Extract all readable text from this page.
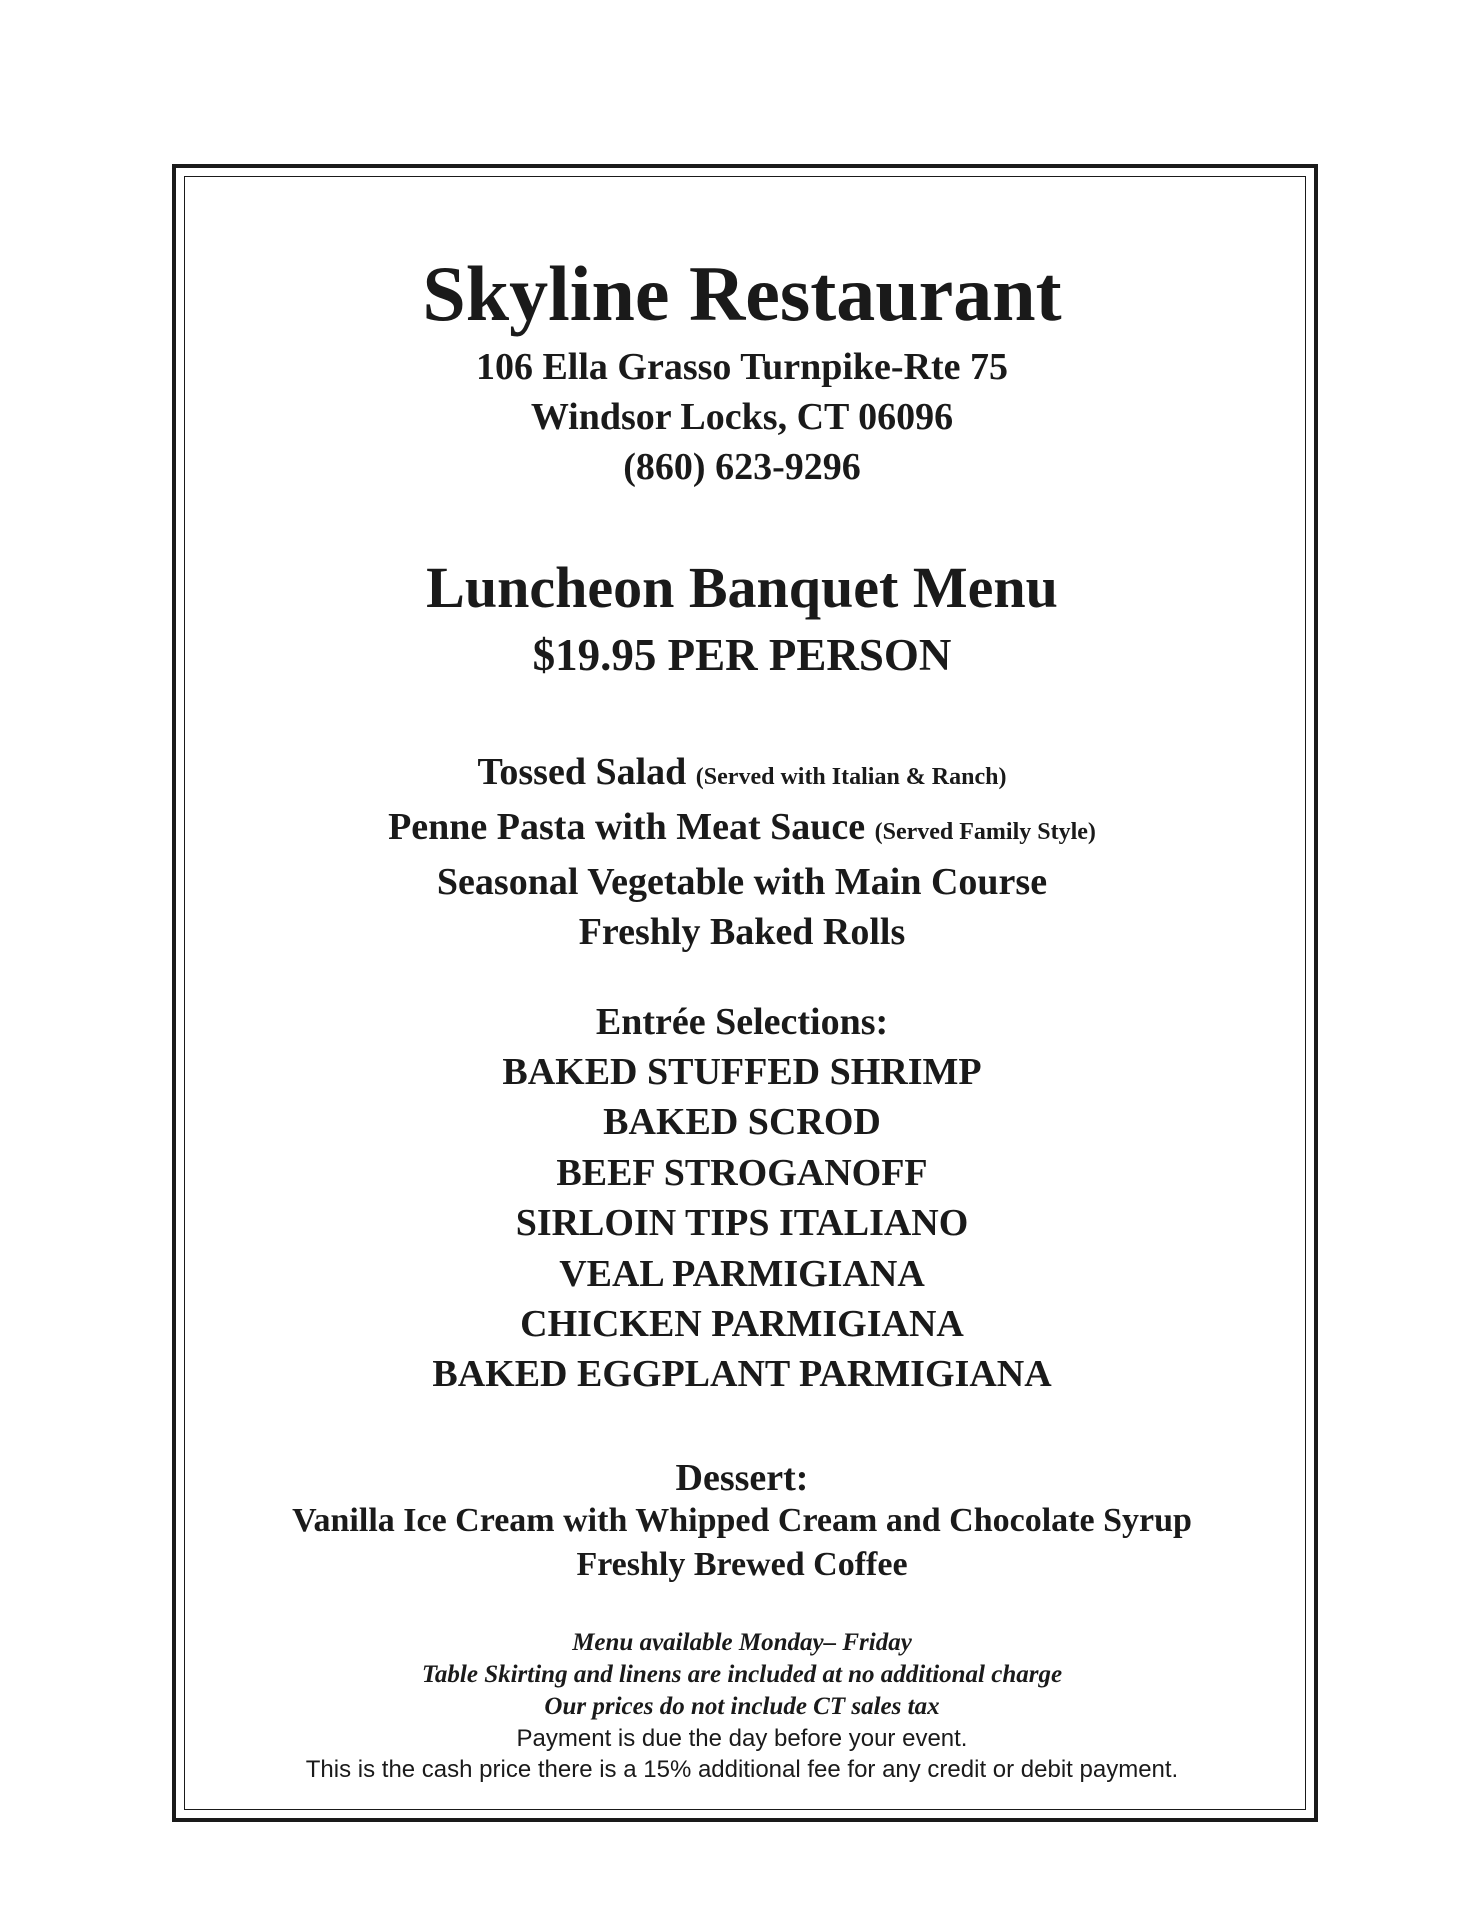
Skyline Restaurant
106 Ella Grasso Turnpike-Rte 75
Windsor Locks, CT 06096
(860) 623-9296
Luncheon Banquet Menu
$19.95 PER PERSON
Tossed Salad (Served with Italian & Ranch)
Penne Pasta with Meat Sauce (Served Family Style)
Seasonal Vegetable with Main Course
Freshly Baked Rolls
Entrée Selections:
BAKED STUFFED SHRIMP
BAKED SCROD
BEEF STROGANOFF
SIRLOIN TIPS ITALIANO
VEAL PARMIGIANA
CHICKEN PARMIGIANA
BAKED EGGPLANT PARMIGIANA
Dessert:
Vanilla Ice Cream with Whipped Cream and Chocolate Syrup
Freshly Brewed Coffee
Menu available Monday– Friday
Table Skirting and linens are included at no additional charge
Our prices do not include CT sales tax
Payment is due the day before your event.
This is the cash price there is a 15% additional fee for any credit or debit payment.
